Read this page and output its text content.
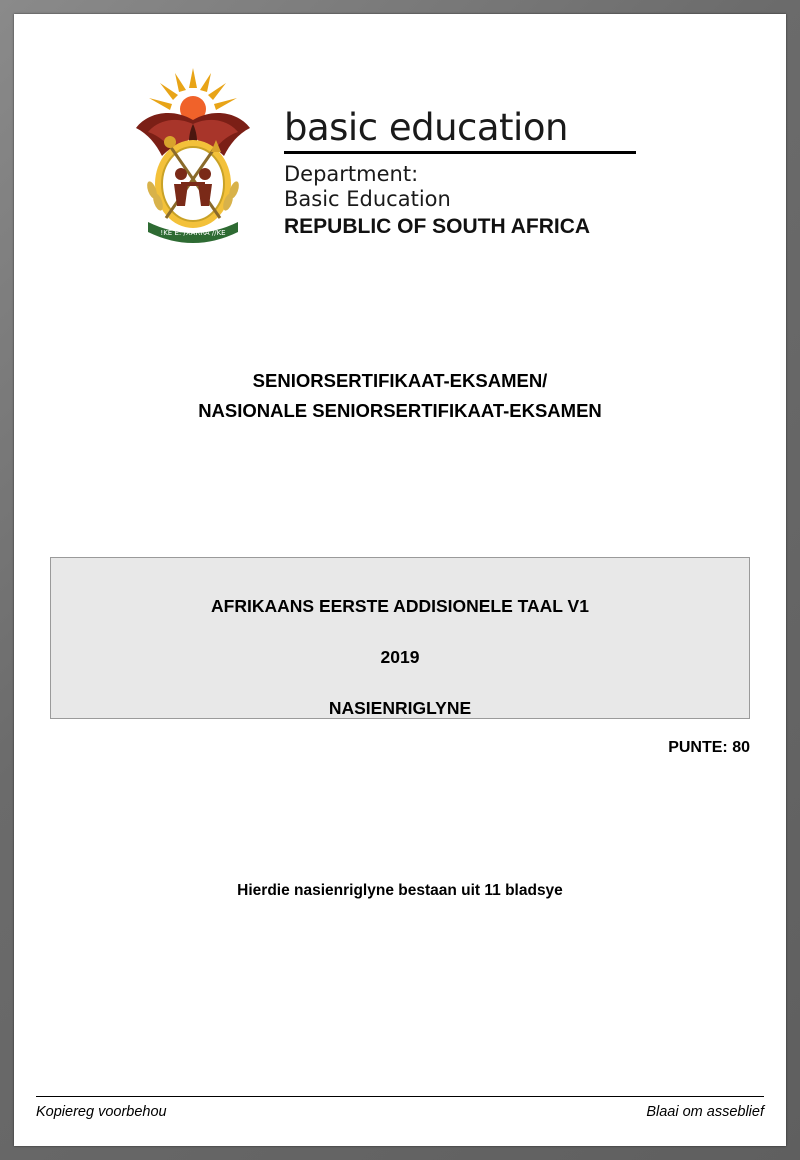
!KE E: /XARRA //KE
basic education
Department:
Basic Education
REPUBLIC OF SOUTH AFRICA
SENIORSERTIFIKAAT-EKSAMEN/
NASIONALE SENIORSERTIFIKAAT-EKSAMEN
AFRIKAANS EERSTE ADDISIONELE TAAL V1
2019
NASIENRIGLYNE
PUNTE: 80
Hierdie nasienriglyne bestaan uit 11 bladsye
Kopiereg voorbehou	Blaai om asseblief
